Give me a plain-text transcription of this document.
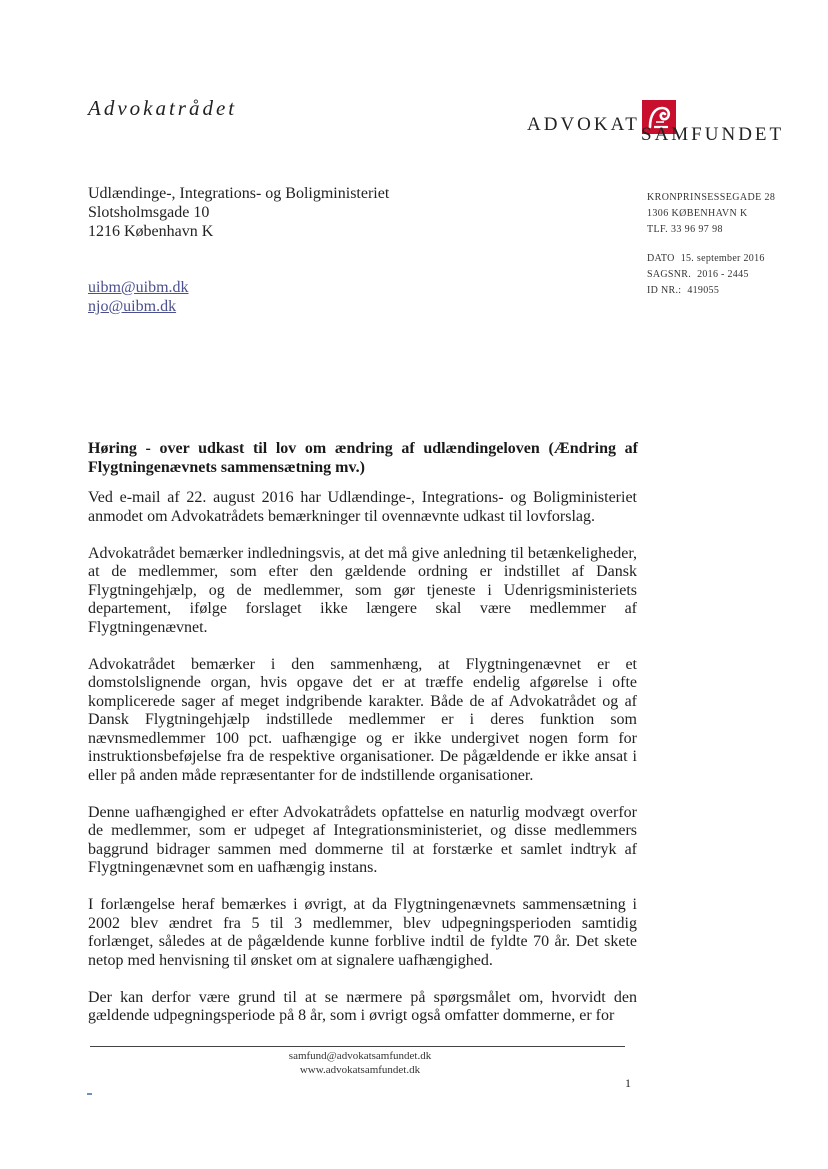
Advokatrådet
ADVOKAT SAMFUNDET
Udlændinge-, Integrations- og Boligministeriet
Slotsholmsgade 10
1216 København K
KRONPRINSESSEGADE 28
1306 KØBENHAVN K
TLF. 33 96 97 98
DATO 15. september 2016
SAGSNR. 2016 - 2445
ID NR.: 419055
uibm@uibm.dk
njo@uibm.dk
Høring - over udkast til lov om ændring af udlændingeloven (Ændring af Flygtningenævnets sammensætning mv.)

Ved e-mail af 22. august 2016 har Udlændinge-, Integrations- og Boligministeriet anmodet om Advokatrådets bemærkninger til ovennævnte udkast til lovforslag.

Advokatrådet bemærker indledningsvis, at det må give anledning til betænkeligheder, at de medlemmer, som efter den gældende ordning er indstillet af Dansk Flygtningehjælp, og de medlemmer, som gør tjeneste i Udenrigsministeriets departement, ifølge forslaget ikke længere skal være medlemmer af Flygtningenævnet.

Advokatrådet bemærker i den sammenhæng, at Flygtningenævnet er et domstolslignende organ, hvis opgave det er at træffe endelig afgørelse i ofte komplicerede sager af meget indgribende karakter. Både de af Advokatrådet og af Dansk Flygtningehjælp indstillede medlemmer er i deres funktion som nævnsmedlemmer 100 pct. uafhængige og er ikke undergivet nogen form for instruktionsbeføjelse fra de respektive organisationer. De pågældende er ikke ansat i eller på anden måde repræsentanter for de indstillende organisationer.

Denne uafhængighed er efter Advokatrådets opfattelse en naturlig modvægt overfor de medlemmer, som er udpeget af Integrationsministeriet, og disse medlemmers baggrund bidrager sammen med dommerne til at forstærke et samlet indtryk af Flygtningenævnet som en uafhængig instans.

I forlængelse heraf bemærkes i øvrigt, at da Flygtningenævnets sammensætning i 2002 blev ændret fra 5 til 3 medlemmer, blev udpegningsperioden samtidig forlænget, således at de pågældende kunne forblive indtil de fyldte 70 år. Det skete netop med henvisning til ønsket om at signalere uafhængighed.

Der kan derfor være grund til at se nærmere på spørgsmålet om, hvorvidt den gældende udpegningsperiode på 8 år, som i øvrigt også omfatter dommerne, er for

samfund@advokatsamfundet.dk
www.advokatsamfundet.dk
1
